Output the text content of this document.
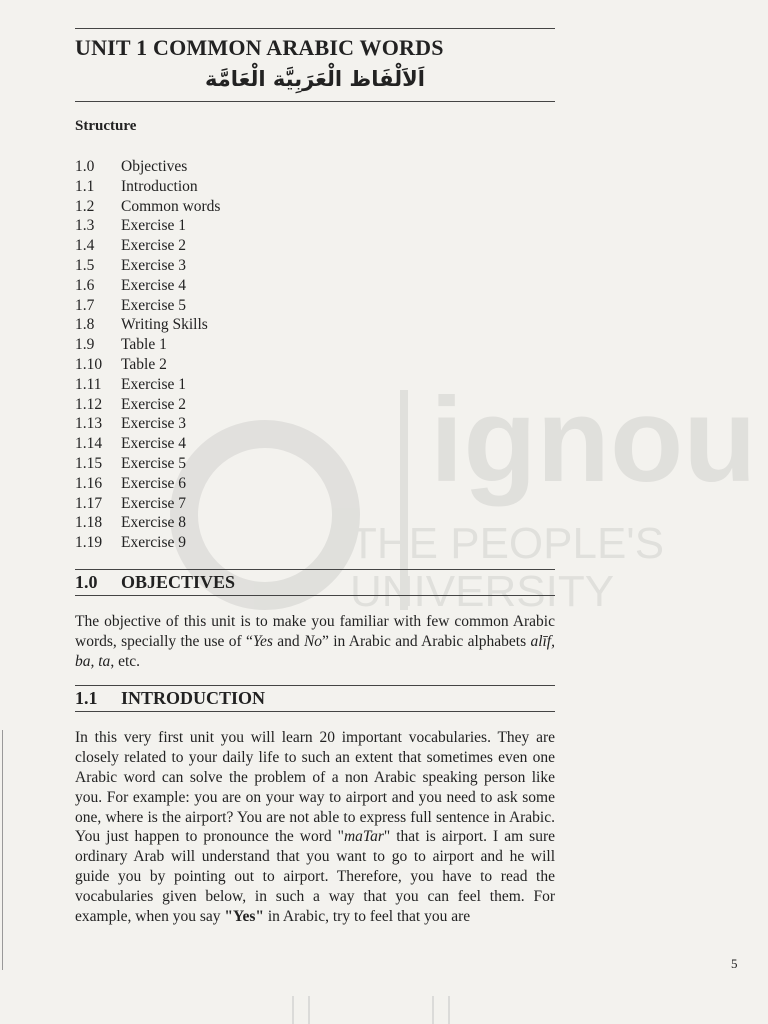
ignou
THE PEOPLE'S
UNIVERSITY
UNIT 1 COMMON ARABIC WORDS
اَلاَلْفَاظ الْعَرَبِيَّة الْعَامَّة
Structure
1.0	Objectives
1.1	Introduction
1.2	Common words
1.3	Exercise 1
1.4	Exercise 2
1.5	Exercise 3
1.6	Exercise 4
1.7	Exercise 5
1.8	Writing Skills
1.9	Table 1
1.10	Table 2
1.11	Exercise 1
1.12	Exercise 2
1.13	Exercise 3
1.14	Exercise 4
1.15	Exercise 5
1.16	Exercise 6
1.17	Exercise 7
1.18	Exercise 8
1.19	Exercise 9
1.0	OBJECTIVES

The objective of this unit is to make you familiar with few common Arabic words, specially the use of “Yes and No” in Arabic and Arabic alphabets alīf, ba, ta, etc.

1.1	INTRODUCTION

In this very first unit you will learn 20 important vocabularies. They are closely related to your daily life to such an extent that sometimes even one Arabic word can solve the problem of a non Arabic speaking person like you. For example: you are on your way to airport and you need to ask some one, where is the airport? You are not able to express full sentence in Arabic. You just happen to pronounce the word "maTar" that is airport. I am sure ordinary Arab will understand that you want to go to airport and he will guide you by pointing out to airport. Therefore, you have to read the vocabularies given below, in such a way that you can feel them. For example, when you say "Yes" in Arabic, try to feel that you are

5
